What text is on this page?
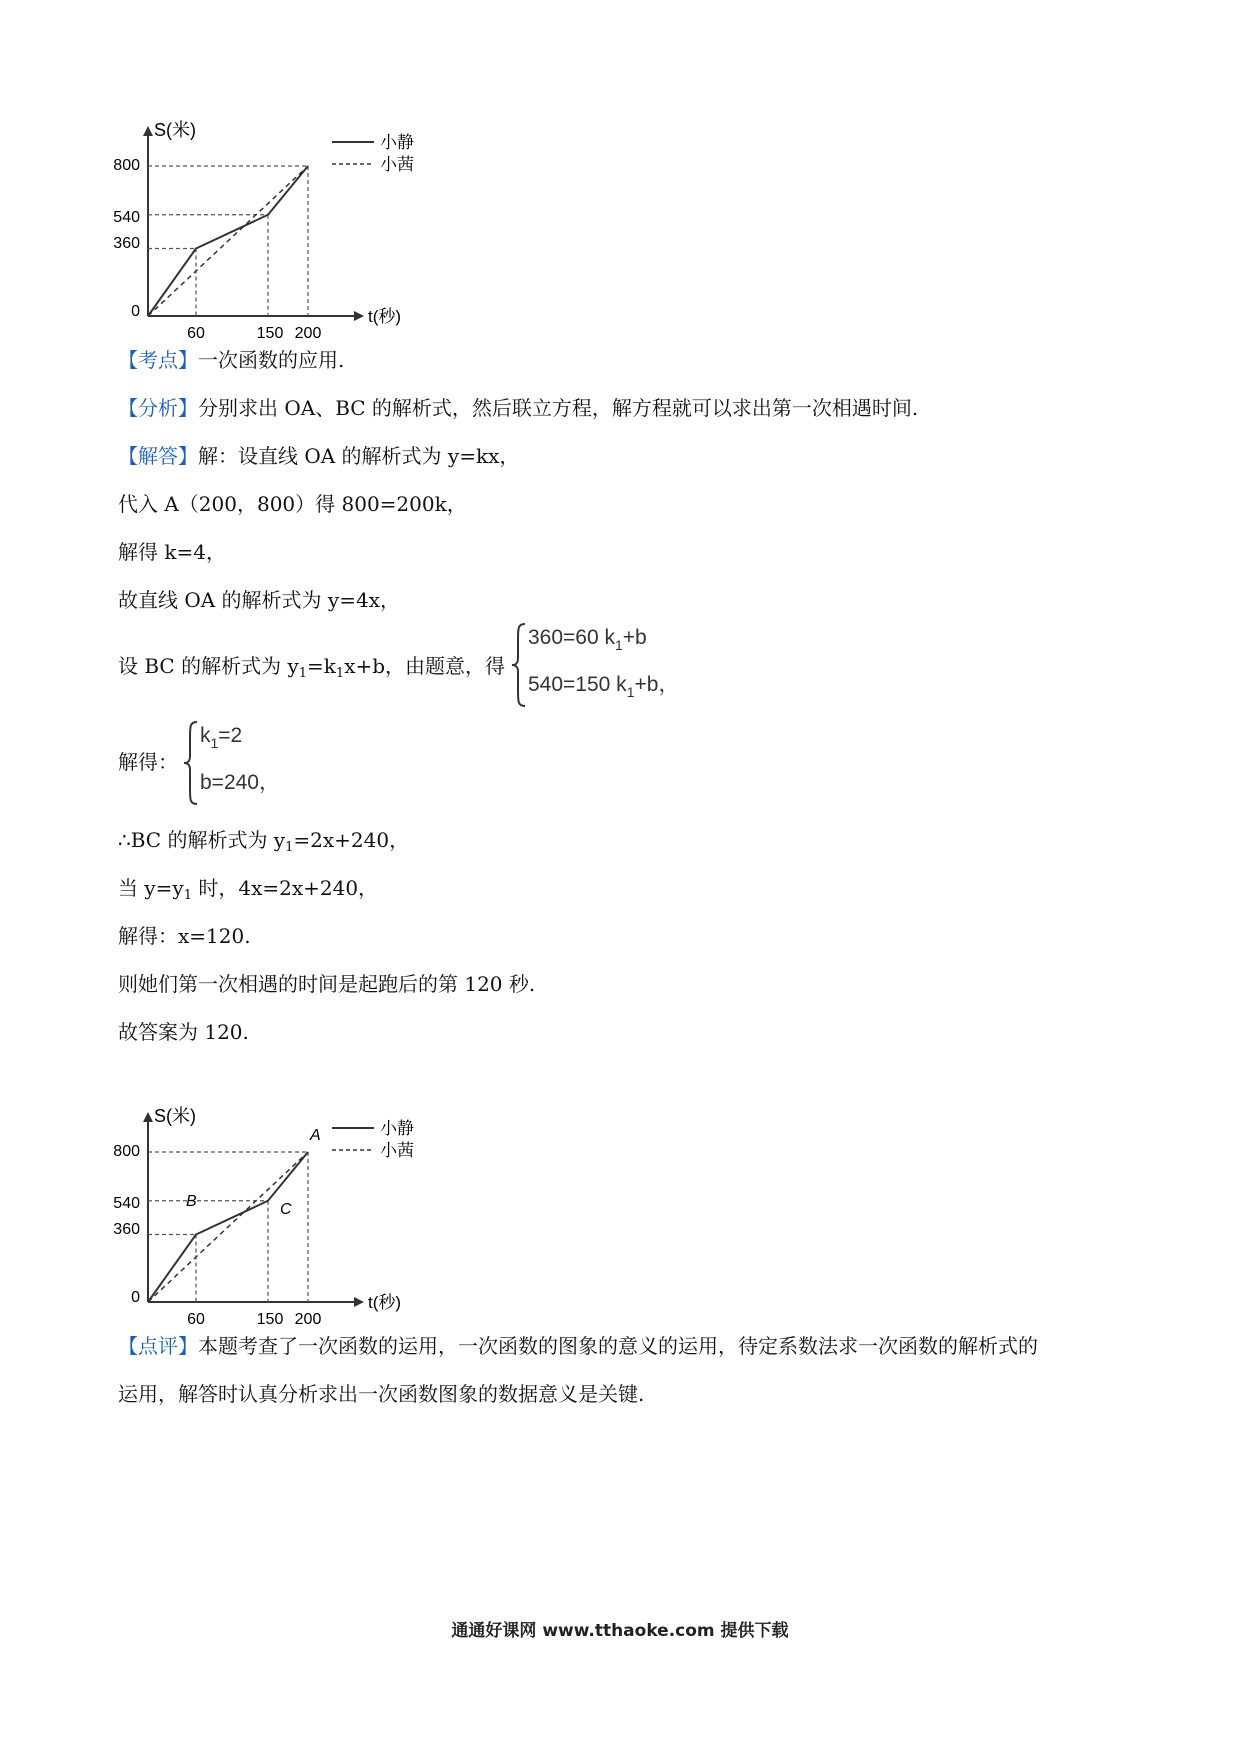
S(米)
t(秒)
800
540
360
0
60	150 200
小静
小茜
【考点】一次函数的应用.
【分析】分别求出 OA、BC 的解析式，然后联立方程，解方程就可以求出第一次相遇时间.
【解答】解：设直线 OA 的解析式为 y=kx，
代入 A（200，800）得 800=200k，
解得 k=4，
故直线 OA 的解析式为 y=4x，
设 BC 的解析式为 $y_1=k_1x+b$，由题意，得
360=60 $k_1+b$
540=150 $k_1+b$，
解得：
$k_1=2$
b=240，
∴BC 的解析式为 $y_1=2x+240$，
当 $y=y_1$ 时，4x=2x+240，
解得：x=120.
则她们第一次相遇的时间是起跑后的第 120 秒.
故答案为 120.
S(米)
t(秒)
800
540
360
0
60	150 200
A
B	C
小静
小茜
【点评】本题考查了一次函数的运用，一次函数的图象的意义的运用，待定系数法求一次函数的解析式的
运用，解答时认真分析求出一次函数图象的数据意义是关键.
通通好课网 www.tthaoke.com 提供下载
